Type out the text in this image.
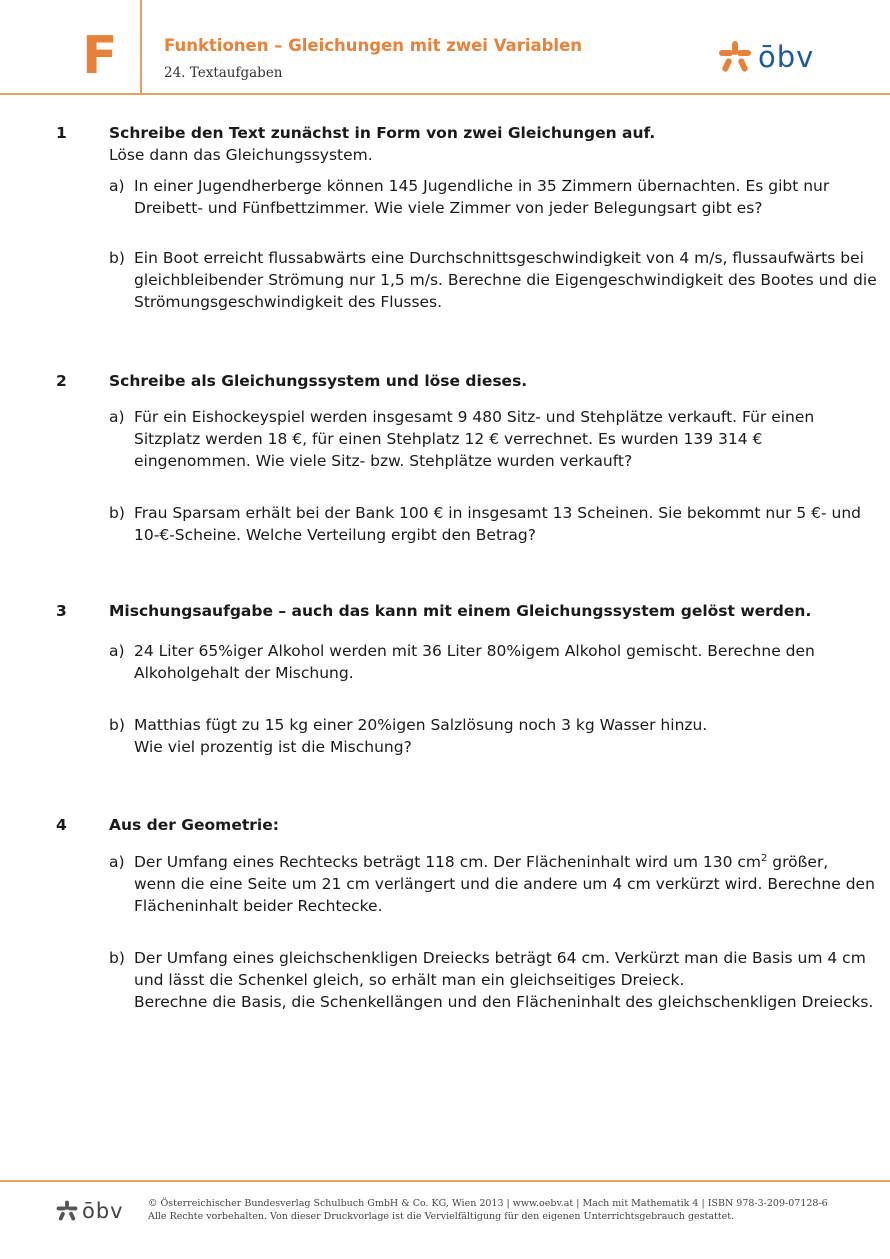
F	Funktionen – Gleichungen mit zwei Variablen
24. Textaufgaben	ōbv
1	Schreibe den Text zunächst in Form von zwei Gleichungen auf.
Löse dann das Gleichungssystem.
a) In einer Jugendherberge können 145 Jugendliche in 35 Zimmern übernachten. Es gibt nur
Dreibett- und Fünfbettzimmer. Wie viele Zimmer von jeder Belegungsart gibt es?
b) Ein Boot erreicht flussabwärts eine Durchschnittsgeschwindigkeit von 4 m/s, flussaufwärts bei
gleichbleibender Strömung nur 1,5 m/s. Berechne die Eigengeschwindigkeit des Bootes und die
Strömungsgeschwindigkeit des Flusses.
2	Schreibe als Gleichungssystem und löse dieses.
a) Für ein Eishockeyspiel werden insgesamt 9 480 Sitz- und Stehplätze verkauft. Für einen
Sitzplatz werden 18 €, für einen Stehplatz 12 € verrechnet. Es wurden 139 314 €
eingenommen. Wie viele Sitz- bzw. Stehplätze wurden verkauft?
b) Frau Sparsam erhält bei der Bank 100 € in insgesamt 13 Scheinen. Sie bekommt nur 5 €- und
10-€-Scheine. Welche Verteilung ergibt den Betrag?
3	Mischungsaufgabe – auch das kann mit einem Gleichungssystem gelöst werden.
a) 24 Liter 65%iger Alkohol werden mit 36 Liter 80%igem Alkohol gemischt. Berechne den
Alkoholgehalt der Mischung.
b) Matthias fügt zu 15 kg einer 20%igen Salzlösung noch 3 kg Wasser hinzu.
Wie viel prozentig ist die Mischung?
4	Aus der Geometrie:
a) Der Umfang eines Rechtecks beträgt 118 cm. Der Flächeninhalt wird um 130 $cm^2$ größer,
wenn die eine Seite um 21 cm verlängert und die andere um 4 cm verkürzt wird. Berechne den
Flächeninhalt beider Rechtecke.
b) Der Umfang eines gleichschenkligen Dreiecks beträgt 64 cm. Verkürzt man die Basis um 4 cm
und lässt die Schenkel gleich, so erhält man ein gleichseitiges Dreieck.
Berechne die Basis, die Schenkellängen und den Flächeninhalt des gleichschenkligen Dreiecks.
ōbv	© Österreichischer Bundesverlag Schulbuch GmbH & Co. KG, Wien 2013 | www.oebv.at | Mach mit Mathematik 4 | ISBN 978-3-209-07128-6
Alle Rechte vorbehalten. Von dieser Druckvorlage ist die Vervielfältigung für den eigenen Unterrichtsgebrauch gestattet.
